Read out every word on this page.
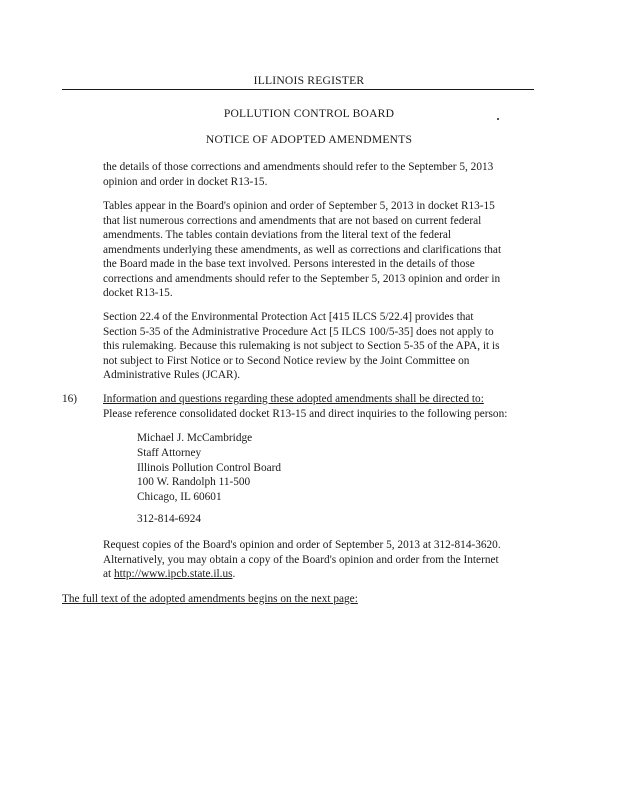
ILLINOIS REGISTER
POLLUTION CONTROL BOARD
NOTICE OF ADOPTED AMENDMENTS
the details of those corrections and amendments should refer to the September 5, 2013
opinion and order in docket R13-15.
Tables appear in the Board's opinion and order of September 5, 2013 in docket R13-15
that list numerous corrections and amendments that are not based on current federal
amendments. The tables contain deviations from the literal text of the federal
amendments underlying these amendments, as well as corrections and clarifications that
the Board made in the base text involved. Persons interested in the details of those
corrections and amendments should refer to the September 5, 2013 opinion and order in
docket R13-15.
Section 22.4 of the Environmental Protection Act [415 ILCS 5/22.4] provides that
Section 5-35 of the Administrative Procedure Act [5 ILCS 100/5-35] does not apply to
this rulemaking. Because this rulemaking is not subject to Section 5-35 of the APA, it is
not subject to First Notice or to Second Notice review by the Joint Committee on
Administrative Rules (JCAR).
16) Information and questions regarding these adopted amendments shall be directed to:
Please reference consolidated docket R13-15 and direct inquiries to the following person:
Michael J. McCambridge
Staff Attorney
Illinois Pollution Control Board
100 W. Randolph 11-500
Chicago, IL 60601
312-814-6924
Request copies of the Board's opinion and order of September 5, 2013 at 312-814-3620.
Alternatively, you may obtain a copy of the Board's opinion and order from the Internet
at http://www.ipcb.state.il.us.
The full text of the adopted amendments begins on the next page:
